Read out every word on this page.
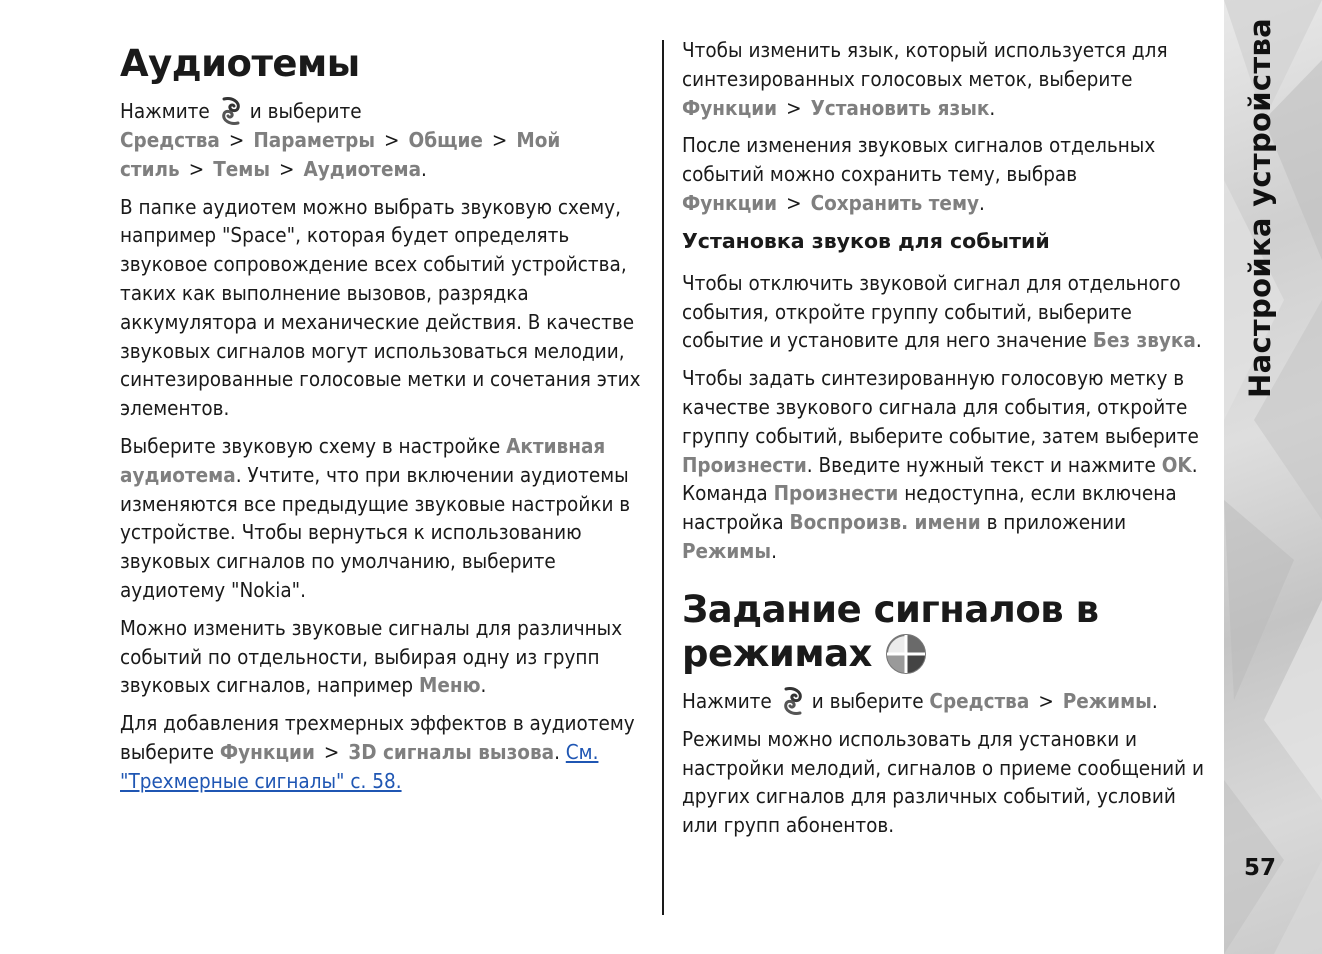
Аудиотемы

Нажмите и выберите Средства > Параметры > Общие > Мой стиль > Темы > Аудиотема.

В папке аудиотем можно выбрать звуковую схему, например "Space", которая будет определять звуковое сопровождение всех событий устройства, таких как выполнение вызовов, разрядка аккумулятора и механические действия. В качестве звуковых сигналов могут использоваться мелодии, синтезированные голосовые метки и сочетания этих элементов.

Выберите звуковую схему в настройке Активная аудиотема. Учтите, что при включении аудиотемы изменяются все предыдущие звуковые настройки в устройстве. Чтобы вернуться к использованию звуковых сигналов по умолчанию, выберите аудиотему "Nokia".

Можно изменить звуковые сигналы для различных событий по отдельности, выбирая одну из групп звуковых сигналов, например Меню.

Для добавления трехмерных эффектов в аудиотему выберите Функции > 3D сигналы вызова. См. "Трехмерные сигналы" с. 58.

Чтобы изменить язык, который используется для синтезированных голосовых меток, выберите Функции > Установить язык.

После изменения звуковых сигналов отдельных событий можно сохранить тему, выбрав Функции > Сохранить тему.

Установка звуков для событий

Чтобы отключить звуковой сигнал для отдельного события, откройте группу событий, выберите событие и установите для него значение Без звука.

Чтобы задать синтезированную голосовую метку в качестве звукового сигнала для события, откройте группу событий, выберите событие, затем выберите Произнести. Введите нужный текст и нажмите OK. Команда Произнести недоступна, если включена настройка Воспроизв. имени в приложении Режимы.

Задание сигналов в режимах

Нажмите и выберите Средства > Режимы.

Режимы можно использовать для установки и настройки мелодий, сигналов о приеме сообщений и других сигналов для различных событий, условий или групп абонентов.

Настройка устройства
57
